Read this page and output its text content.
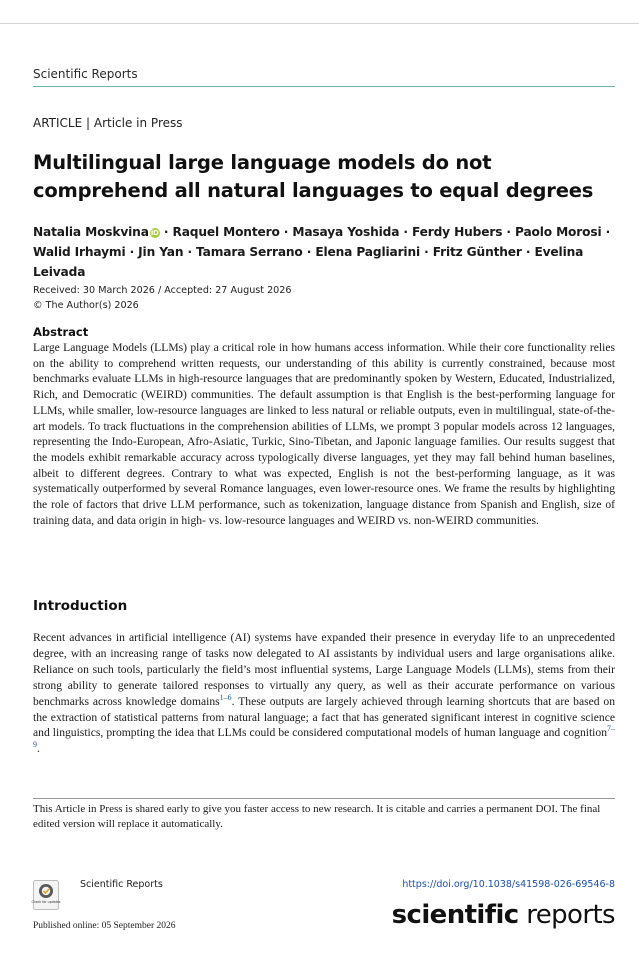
Scientific Reports
ARTICLE | Article in Press
Multilingual large language models do not comprehend all natural languages to equal degrees
Natalia Moskvina iD · Raquel Montero · Masaya Yoshida · Ferdy Hubers · Paolo Morosi ·
Walid Irhaymi · Jin Yan · Tamara Serrano · Elena Pagliarini · Fritz Günther · Evelina Leivada
Received: 30 March 2026 / Accepted: 27 August 2026
© The Author(s) 2026
Abstract

Large Language Models (LLMs) play a critical role in how humans access information. While their core functionality relies on the ability to comprehend written requests, our understanding of this ability is currently constrained, because most benchmarks evaluate LLMs in high-resource languages that are predominantly spoken by Western, Educated, Industrialized, Rich, and Democratic (WEIRD) communities. The default assumption is that English is the best-performing language for LLMs, while smaller, low-resource languages are linked to less natural or reliable outputs, even in multilingual, state-of-the-art models. To track fluctuations in the comprehension abilities of LLMs, we prompt 3 popular models across 12 languages, representing the Indo-European, Afro-Asiatic, Turkic, Sino-Tibetan, and Japonic language families. Our results suggest that the models exhibit remarkable accuracy across typologically diverse languages, yet they may fall behind human baselines, albeit to different degrees. Contrary to what was expected, English is not the best-performing language, as it was systematically outperformed by several Romance languages, even lower-resource ones. We frame the results by highlighting the role of factors that drive LLM performance, such as tokenization, language distance from Spanish and English, size of training data, and data origin in high- vs. low-resource languages and WEIRD vs. non-WEIRD communities.

Introduction

Recent advances in artificial intelligence (AI) systems have expanded their presence in everyday life to an unprecedented degree, with an increasing range of tasks now delegated to AI assistants by individual users and large organisations alike. Reliance on such tools, particularly the field’s most influential systems, Large Language Models (LLMs), stems from their strong ability to generate tailored responses to virtually any query, as well as their accurate performance on various benchmarks across knowledge domains$^{1-6}$. These outputs are largely achieved through learning shortcuts that are based on the extraction of statistical patterns from natural language; a fact that has generated significant interest in cognitive science and linguistics, prompting the idea that LLMs could be considered computational models of human language and cognition$^{7-9}$.

This Article in Press is shared early to give you faster access to new research. It is citable and carries a permanent DOI. The final edited version will replace it automatically.

Check for updates
Scientific Reports	https://doi.org/10.1038/s41598-026-69546-8
scientific reports
Published online: 05 September 2026
